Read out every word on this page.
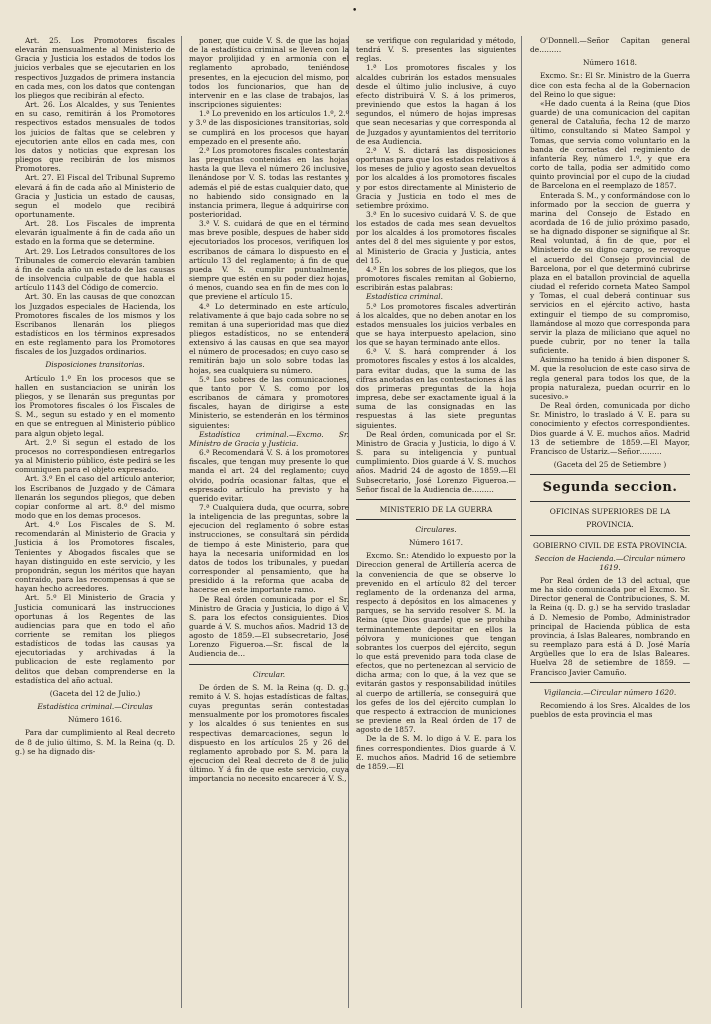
•

Art. 25. Los Promotores fiscales elevarán mensualmente al Ministerio de Gracia y Justicia los estados de todos los juicios verbales que se ejecutarien en los respectivos Juzgados de primera instancia en cada mes, con los datos que contengan los pliegos que recibirán al efecto.

Art. 26. Los Alcaldes, y sus Tenientes en su caso, remitirán á los Promotores respectivos estados mensuales de todos los juicios de faltas que se celebren y ejecutorien ante ellos en cada mes, con los datos y noticias que expresan los pliegos que recibirán de los mismos Promotores.

Art. 27. El Fiscal del Tribunal Supremo elevará á fin de cada año al Ministerio de Gracia y Justicia un estado de causas, segun el modelo que recibirá oportunamente.

Art. 28. Los Fiscales de imprenta elevarán igualmente á fin de cada año un estado en la forma que se determine.

Art. 29. Los Letrados consultores de los Tribunales de comercio elevarán tambien á fin de cada año un estado de las causas de insolvencia culpable de que habla el artículo 1143 del Código de comercio.

Art. 30. En las causas de que conozcan los Juzgados especiales de Hacienda, los Promotores fiscales de los mismos y los Escribanos llenarán los pliegos estadísticos en los términos expresados en este reglamento para los Promotores fiscales de los Juzgados ordinarios.

Disposiciones transitorias.

Artículo 1.º En los procesos que se hallen en sustanciacion se unirán los pliegos, y se llenarán sus preguntas por los Promotores fiscales ó los Fiscales de S. M., segun su estado y en el momento en que se entreguen al Ministerio público para algun objeto legal.

Art. 2.º Si segun el estado de los procesos no correspondiesen entregarlos ya al Ministerio público, éste pedirá se les comuniquen para el objeto expresado.

Art. 3.º En el caso del artículo anterior, los Escribanos de Juzgado y de Cámara llenarán los segundos pliegos, que deben copiar conforme al art. 8.º del mismo modo que en los demas procesos.

Art. 4.º Los Fiscales de S. M. recomendarán al Ministerio de Gracia y Justicia á los Promotores fiscales, Tenientes y Abogados fiscales que se hayan distinguido en este servicio, y les propondrán, segun los méritos que hayan contraido, para las recompensas á que se hayan hecho acreedores.

Art. 5.º El Ministerio de Gracia y Justicia comunicará las instrucciones oportunas á los Regentes de las audiencias para que en todo el año corriente se remitan los pliegos estadísticos de todas las causas ya ejecutoriadas y archivadas á la publicacion de este reglamento por delitos que deban comprenderse en la estadística del año actual.

(Gaceta del 12 de Julio.)
Estadística criminal.—Circulas
Número 1616.

Para dar cumplimiento al Real decreto de 8 de julio último, S. M. la Reina (q. D. g.) se ha dignado dis-

poner, que cuide V. S. de que las hojas de la estadística criminal se lleven con la mayor prolijidad y en armonía con el reglamento aprobado, teniéndose presentes, en la ejecucion del mismo, por todos los funcionarios, que han de intervenir en e las clase de trabajos, las inscripciones siguientes:

1.ª Lo prevenido en los artículos 1.º, 2.º y 3.º de las disposiciones transitorias, solo se cumplirá en los procesos que hayan empezado en el presente año.

2.ª Los promotores fiscales contestarán las preguntas contenidas en las hojas hasta la que lleva el número 26 inclusive, llenándose por V. S. todas las restantes y además el pié de estas cualquier dato, que no habiendo sido consignado en la instancia primera, llegue á adquirirse con posterioridad.

3.ª V. S. cuidará de que en el término mas breve posible, despues de haber sido ejecutoriados los procesos, verifiquen los escribanos de cámara lo dispuesto en el artículo 13 del reglamento; á fin de que pueda V. S. cumplir puntualmente, siempre que estén en su poder diez hojas, ó menos, cuando sea en fin de mes con lo que previene el artículo 15.

4.ª Lo determinado en este artículo, relativamente á que bajo cada sobre no se remitan á una superioridad mas que diez pliegos estadísticos, no se entenderá extensivo á las causas en que sea mayor el número de procesados; en cuyo caso se remitirán bajo un solo sobre todas las hojas, sea cualquiera su número.

5.ª Los sobres de las comunicaciones, que tanto por V. S. como por los escribanos de cámara y promotores fiscales, hayan de dirigirse a este Ministerio, se estenderán en los términos siguientes:

Estadística criminal.—Excmo. Sr. Ministro de Gracia y Justicia.

6.ª Recomendará V. S. á los promotores fiscales, que tengan muy presente lo que manda el art. 24 del reglamento; cuyo olvido, podría ocasionar faltas, que el espresado artículo ha previsto y ha querido evitar.

7.ª Cualquiera duda, que ocurra, sobre la inteligencia de las preguntas, sobre la ejecucion del reglamento ó sobre estas instrucciones, se consultará sin pérdida de tiempo á este Ministerio, para que haya la necesaria uniformidad en los datos de todos los tribunales, y puedan corresponder al pensamiento, que ha presidido á la reforma que acaba de hacerse en este importante ramo.

De Real órden comunicada por el Sr. Ministro de Gracia y Justicia, lo digo á V. S. para los efectos consiguientes. Dios guarde á V. S. muchos años. Madrid 13 de agosto de 1859.—El subsecretario, José Lorenzo Figueroa.—Sr. fiscal de la Audiencia de…

Circular.

De órden de S. M. la Reina (q. D. g.) remito á V. S. hojas estadísticas de faltas, cuyas preguntas serán contestadas mensualmente por los promotores fiscales y los alcaldes ó sus tenientes en sus respectivas demarcaciones, segun lo dispuesto en los artículos 25 y 26 del reglamento aprobado por S. M. para la ejecucion del Real decreto de 8 de julio último. Y á fin de que este servicio, cuya importancia no necesito encarecer á V. S.,

se verifique con regularidad y método, tendrá V. S. presentes las siguientes reglas.

1.ª Los promotores fiscales y los alcaldes cubrirán los estados mensuales desde el último julio inclusive, á cuyo efecto distribuirá V. S. á los primeros, previniendo que estos la hagan á los segundos, el número de hojas impresas que sean necesarias y que corresponda al de Juzgados y ayuntamientos del territorio de esa Audiencia.

2.ª V. S. dictará las disposiciones oportunas para que los estados relativos á los meses de julio y agosto sean devueltos por los alcaldes á los promotores fiscales y por estos directamente al Ministerio de Gracia y Justicia en todo el mes de setiembre próximo.

3.ª En lo sucesivo cuidará V. S. de que los estados de cada mes sean devueltos por los alcaldes á los promotores fiscales antes del 8 del mes siguiente y por estos, al Ministerio de Gracia y Justicia, antes del 15.

4.ª En los sobres de los pliegos, que los promotores fiscales remitan al Gobierno, escribirán estas palabras:

Estadística criminal.

5.ª Los promotores fiscales advertirán á los alcaldes, que no deben anotar en los estados mensuales los juicios verbales en que se haya interpuesto apelacion, sino los que se hayan terminado ante ellos.

6.ª V. S. hará comprender á los promotores fiscales y estos á los alcaldes, para evitar dudas, que la suma de las cifras anotadas en las contestaciones á las dos primeras preguntas de la hoja impresa, debe ser exactamente igual á la suma de las consignadas en las respuestas á las siete preguntas siguientes.

De Real órden, comunicada por el Sr. Ministro de Gracia y Justicia, lo digo á V. S. para su inteligencia y puntual cumplimiento. Dios guarde á V. S. muchos años. Madrid 24 de agosto de 1859.—El Subsecretario, José Lorenzo Figueroa.—Señor fiscal de la Audiencia de………

MINISTERIO DE LA GUERRA
Circulares.
Número 1617.

Excmo. Sr.: Atendido lo expuesto por la Direccion general de Artillería acerca de la conveniencia de que se observe lo prevenido en el artículo 82 del tercer reglamento de la ordenanza del arma, respecto á depósitos en los almacenes y parques, se ha servido resolver S. M. la Reina (que Dios guarde) que se prohiba terminantemente depositar en ellos la pólvora y municiones que tengan sobrantes los cuerpos del ejército, segun lo que está prevenido para toda clase de efectos, que no pertenezcan al servicio de dicha arma; con lo que, á la vez que se evitarán gastos y responsabilidad inútiles al cuerpo de artillería, se conseguirá que los gefes de los del ejército cumplan lo que respecto á extraccion de municiones se previene en la Real órden de 17 de agosto de 1857.

De la de S. M. lo digo á V. E. para los fines correspondientes. Dios guarde á V. E. muchos años. Madrid 16 de setiembre de 1859.—El

O'Donnell.—Señor Capitan general de………

Número 1618.

Excmo. Sr.: El Sr. Ministro de la Guerra dice con esta fecha al de la Gobernacion del Reino lo que sigue:

«He dado cuenta á la Reina (que Dios guarde) de una comunicacion del capitan general de Cataluña, fecha 12 de marzo último, consultando si Mateo Sampol y Tomas, que servia como voluntario en la banda de cornetas del regimiento de infantería Rey, número 1.º, y que era corto de talla, podia ser admitido como quinto provincial por el cupo de la ciudad de Barcelona en el reemplazo de 1857.

Enterada S. M., y conformándose con lo informado por la seccion de guerra y marina del Consejo de Estado en acordada de 16 de julio próximo pasado, se ha dignado disponer se signifique al Sr. Real voluntad, á fin de que, por el Ministerio de su digno cargo, se revoque el acuerdo del Consejo provincial de Barcelona, por el que determinó cubrirse plaza en el batallon provincial de aquella ciudad el referido corneta Mateo Sampol y Tomas, el cual deberá continuar sus servicios en el ejército activo, hasta extinguir el tiempo de su compromiso, llamándose al mozo que corresponda para servir la plaza de miliciano que aquel no puede cubrir, por no tener la talla suficiente.

Asimismo ha tenido á bien disponer S. M. que la resolucion de este caso sirva de regla general para todos los que, de la propia naturaleza, puedan ocurrir en lo sucesivo.»

De Real órden, comunicada por dicho Sr. Ministro, lo traslado á V. E. para su conocimiento y efectos correspondientes. Dios guarde á V. E. muchos años. Madrid 13 de setiembre de 1859.—El Mayor, Francisco de Ustariz.—Señor………

(Gaceta del 25 de Setiembre )
Segunda seccion.
OFICINAS SUPERIORES DE LA
PROVINCIA.
GOBIERNO CIVIL DE ESTA PROVINCIA.
Seccion de Hacienda.—Circular número 1619.

Por Real órden de 13 del actual, que me ha sido comunicada por el Excmo. Sr. Director general de Contribuciones, S. M. la Reina (q. D. g.) se ha servido trasladar á D. Nemesio de Pombo, Administrador principal de Hacienda pública de esta provincia, á Islas Baleares, nombrando en su reemplazo para está á D. José María Argüelles que lo era de Islas Baleares. Huelva 28 de setiembre de 1859. —Francisco Javier Camuño.

Vigilancia.—Circular número 1620.

Recomiendo á los Sres. Alcaldes de los pueblos de esta provincia el mas
